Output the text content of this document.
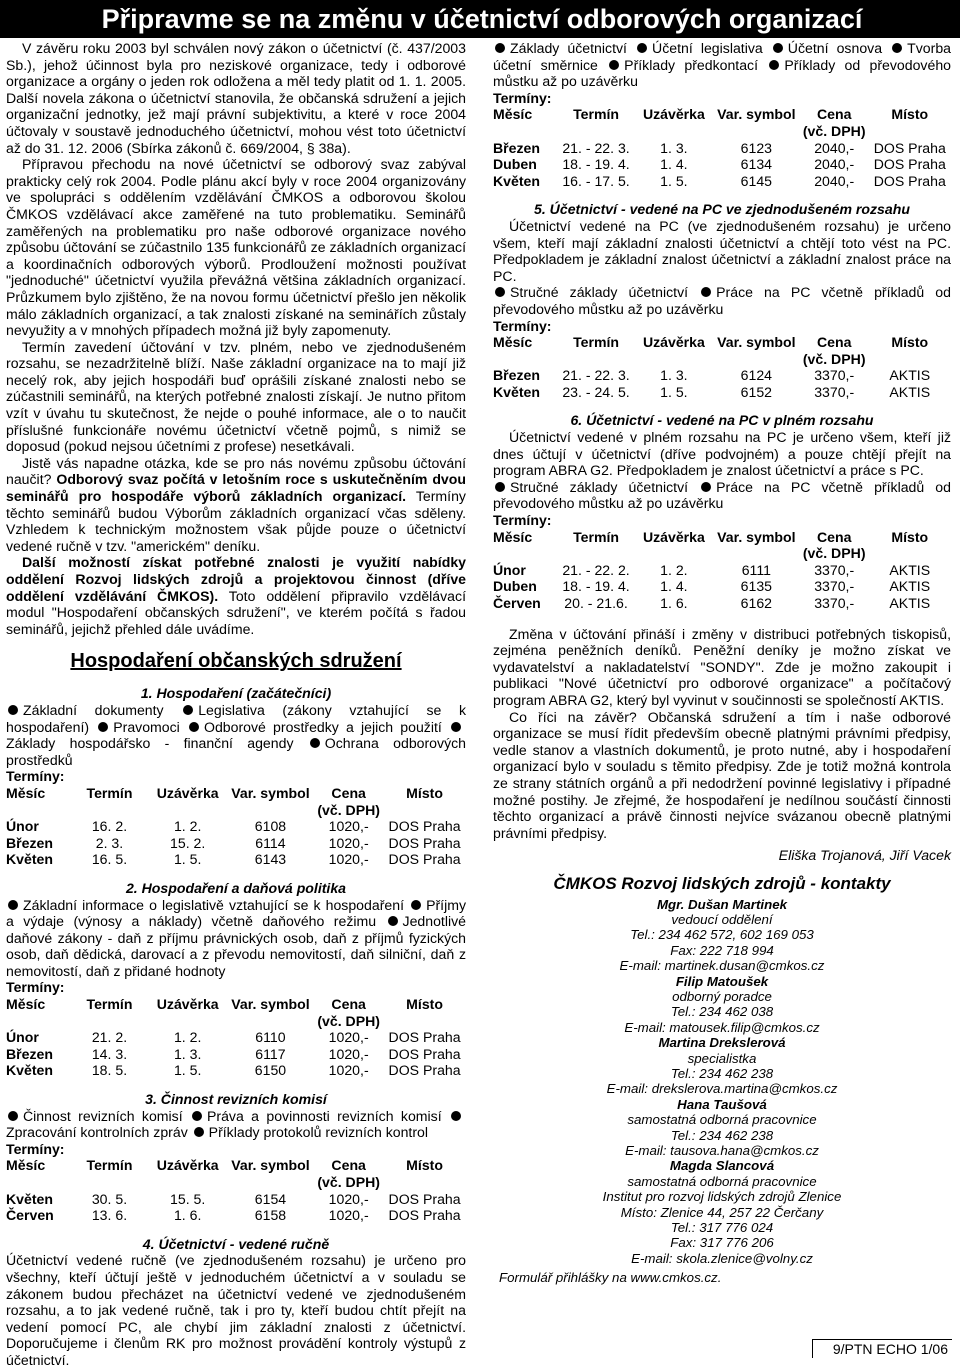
Připravme se na změnu v účetnictví odborových organizací

V závěru roku 2003 byl schválen nový zákon o účetnictví (č. 437/2003 Sb.), jehož účinnost byla pro neziskové organizace, tedy i odborové organizace a orgány o jeden rok odložena a měl tedy platit od 1. 1. 2005. Další novela zákona o účetnictví stanovila, že občanská sdružení a jejich organizační jednotky, jež mají právní subjektivitu, a které v roce 2004 účtovaly v soustavě jednoduchého účetnictví, mohou vést toto účetnictví až do 31. 12. 2006 (Sbírka zákonů č. 669/2004, § 38a).

Přípravou přechodu na nové účetnictví se odborový svaz zabýval prakticky celý rok 2004. Podle plánu akcí byly v roce 2004 organizovány ve spolupráci s oddělením vzdělávání ČMKOS a odborovou školou ČMKOS vzdělávací akce zaměřené na tuto problematiku. Seminářů zaměřených na problematiku pro naše odborové organizace nového způsobu účtování se zúčastnilo 135 funkcionářů ze základních organizací a koordinačních odborových výborů. Prodloužení možnosti používat "jednoduché" účetnictví využila převážná většina základních organizací. Průzkumem bylo zjištěno, že na novou formu účetnictví přešlo jen několik málo základních organizací, a tak znalosti získané na seminářích zůstaly nevyužity a v mnohých případech možná již byly zapomenuty.

Termín zavedení účtování v tzv. plném, nebo ve zjednodušeném rozsahu, se nezadržitelně blíží. Naše základní organizace na to mají již necelý rok, aby jejich hospodáři buď oprášili získané znalosti nebo se zúčastnili seminářů, na kterých potřebné znalosti získají. Je nutno přitom vzít v úvahu tu skutečnost, že nejde o pouhé informace, ale o to naučit příslušné funkcionáře novému účetnictví včetně pojmů, s nimiž se doposud (pokud nejsou účetními z profese) nesetkávali.

Jistě vás napadne otázka, kde se pro nás novému způsobu účtování naučit? Odborový svaz počítá v letošním roce s uskutečněním dvou seminářů pro hospodáře výborů základních organizací. Termíny těchto seminářů budou Výborům základních organizací včas sděleny. Vzhledem k technickým možnostem však půjde pouze o účetnictví vedené ručně v tzv. "americkém" deníku.

Další možností získat potřebné znalosti je využití nabídky oddělení Rozvoj lidských zdrojů a projektovou činnost (dříve oddělení vzdělávání ČMKOS). Toto oddělení připravilo vzdělávací modul "Hospodaření občanských sdružení", ve kterém počítá s řadou seminářů, jejichž přehled dále uvádíme.

Hospodaření občanských sdružení
1. Hospodaření (začátečníci)

Základní dokumenty Legislativa (zákony vztahující se k hospodaření) Pravomoci Odborové prostředky a jejich použití Základy hospodářsko - finanční agendy Ochrana odborových prostředků

Termíny:
Měsíc	Termín	Uzávěrka	Var. symbol	Cena	Místo
				(vč. DPH)	
Únor	16. 2.	1. 2.	6108	1020,-	DOS Praha
Březen	2. 3.	15. 2.	6114	1020,-	DOS Praha
Květen	16. 5.	1. 5.	6143	1020,-	DOS Praha
2. Hospodaření a daňová politika

Základní informace o legislativě vztahující se k hospodaření Příjmy a výdaje (výnosy a náklady) včetně daňového režimu Jednotlivé daňové zákony - daň z příjmu právnických osob, daň z příjmů fyzických osob, daň dědická, darovací a z převodu nemovitostí, daň silniční, daň z nemovitostí, daň z přidané hodnoty

Termíny:
Měsíc	Termín	Uzávěrka	Var. symbol	Cena	Místo
				(vč. DPH)	
Únor	21. 2.	1. 2.	6110	1020,-	DOS Praha
Březen	14. 3.	1. 3.	6117	1020,-	DOS Praha
Květen	18. 5.	1. 5.	6150	1020,-	DOS Praha
3. Činnost revizních komisí

Činnost revizních komisí Práva a povinnosti revizních komisí Zpracování kontrolních zpráv Příklady protokolů revizních kontrol

Termíny:
Měsíc	Termín	Uzávěrka	Var. symbol	Cena	Místo
				(vč. DPH)	
Květen	30. 5.	15. 5.	6154	1020,-	DOS Praha
Červen	13. 6.	1. 6.	6158	1020,-	DOS Praha
4. Účetnictví - vedené ručně

Účetnictví vedené ručně (ve zjednodušeném rozsahu) je určeno pro všechny, kteří účtují ještě v jednoduchém účetnictví a v souladu se zákonem budou přecházet na účetnictví vedené ve zjednodušeném rozsahu, a to jak vedené ručně, tak i pro ty, kteří budou chtít přejít na vedení pomocí PC, ale chybí jim základní znalosti z účetnictví. Doporučujeme i členům RK pro možnost provádění kontroly výstupů z účetnictví.

Základy účetnictví Účetní legislativa Účetní osnova Tvorba účetní směrnice Příklady předkontací Příklady od převodového můstku až po uzávěrku

Termíny:
Měsíc	Termín	Uzávěrka	Var. symbol	Cena	Místo
				(vč. DPH)	
Březen	21. - 22. 3.	1. 3.	6123	2040,-	DOS Praha
Duben	18. - 19. 4.	1. 4.	6134	2040,-	DOS Praha
Květen	16. - 17. 5.	1. 5.	6145	2040,-	DOS Praha
5. Účetnictví - vedené na PC ve zjednodušeném rozsahu

Účetnictví vedené na PC (ve zjednodušeném rozsahu) je určeno všem, kteří mají základní znalosti účetnictví a chtějí toto vést na PC. Předpokladem je základní znalost účetnictví a základní znalost práce na PC.

Stručné základy účetnictví Práce na PC včetně příkladů od převodového můstku až po uzávěrku

Termíny:
Měsíc	Termín	Uzávěrka	Var. symbol	Cena	Místo
				(vč. DPH)	
Březen	21. - 22. 3.	1. 3.	6124	3370,-	AKTIS
Květen	23. - 24. 5.	1. 5.	6152	3370,-	AKTIS
6. Účetnictví - vedené na PC v plném rozsahu

Účetnictví vedené v plném rozsahu na PC je určeno všem, kteří již dnes účtují v účetnictví (dříve podvojném) a pouze chtějí přejít na program ABRA G2. Předpokladem je znalost účetnictví a práce s PC.

Stručné základy účetnictví Práce na PC včetně příkladů od převodového můstku až po uzávěrku

Termíny:
Měsíc	Termín	Uzávěrka	Var. symbol	Cena	Místo
				(vč. DPH)	
Únor	21. - 22. 2.	1. 2.	6111	3370,-	AKTIS
Duben	18. - 19. 4.	1. 4.	6135	3370,-	AKTIS
Červen	20. - 21.6.	1. 6.	6162	3370,-	AKTIS

Změna v účtování přináší i změny v distribuci potřebných tiskopisů, zejména peněžních deníků. Peněžní deníky je možno získat ve vydavatelství a nakladatelství "SONDY". Zde je možno zakoupit i publikaci "Nové účetnictví pro odborové organizace" a počítačový program ABRA G2, který byl vyvinut v součinnosti se společností AKTIS.

Co říci na závěr? Občanská sdružení a tím i naše odborové organizace se musí řídit především obecně platnými právními předpisy, vedle stanov a vlastních dokumentů, je proto nutné, aby i hospodaření organizací bylo v souladu s těmito předpisy. Zde je totiž možná kontrola ze strany státních orgánů a při nedodržení povinné legislativy i případné možné postihy. Je zřejmé, že hospodaření je nedílnou součástí činnosti těchto organizací a právě činnosti nejvíce svázanou obecně platnými právními předpisy.

Eliška Trojanová, Jiří Vacek
ČMKOS Rozvoj lidských zdrojů - kontakty
Mgr. Dušan Martinek
vedoucí oddělení
Tel.: 234 462 572, 602 169 053
Fax: 222 718 994
E-mail: martinek.dusan@cmkos.cz
Filip Matoušek
odborný poradce
Tel.: 234 462 038
E-mail: matousek.filip@cmkos.cz
Martina Drekslerová
specialistka
Tel.: 234 462 238
E-mail: drekslerova.martina@cmkos.cz
Hana Taušová
samostatná odborná pracovnice
Tel.: 234 462 238
E-mail: tausova.hana@cmkos.cz
Magda Slancová
samostatná odborná pracovnice
Institut pro rozvoj lidských zdrojů Zlenice
Místo: Zlenice 44, 257 22 Čerčany
Tel.: 317 776 024
Fax: 317 776 206
E-mail: skola.zlenice@volny.cz
Formulář přihlášky na www.cmkos.cz.
9/PTN ECHO 1/06
